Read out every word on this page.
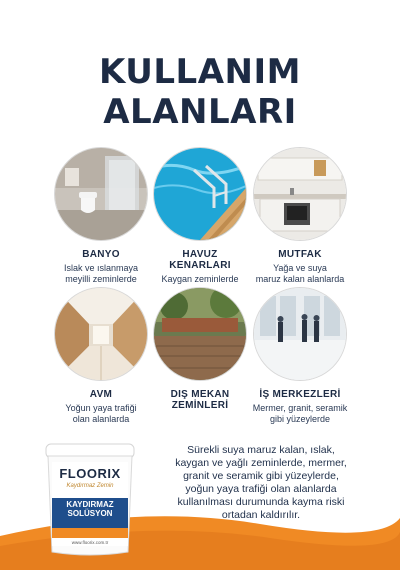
KULLANIM
ALANLARI
BANYO
Islak ve ıslanmaya
meyilli zeminlerde
HAVUZ
KENARLARI
Kaygan zeminlerde
MUTFAK
Yağa ve suya
maruz kalan alanlarda
AVM
Yoğun yaya trafiği
olan alanlarda
DIŞ MEKAN
ZEMİNLERİ
İŞ MERKEZLERİ
Mermer, granit, seramik
gibi yüzeylerde
FLOORIX
Kaydırmaz Zemin
KAYDIRMAZ
SOLÜSYON
www.floorix.com.tr
Sürekli suya maruz kalan, ıslak,
kaygan ve yağlı zeminlerde, mermer,
granit ve seramik gibi yüzeylerde,
yoğun yaya trafiği olan alanlarda
kullanılması durumunda kayma riski
ortadan kaldırılır.
